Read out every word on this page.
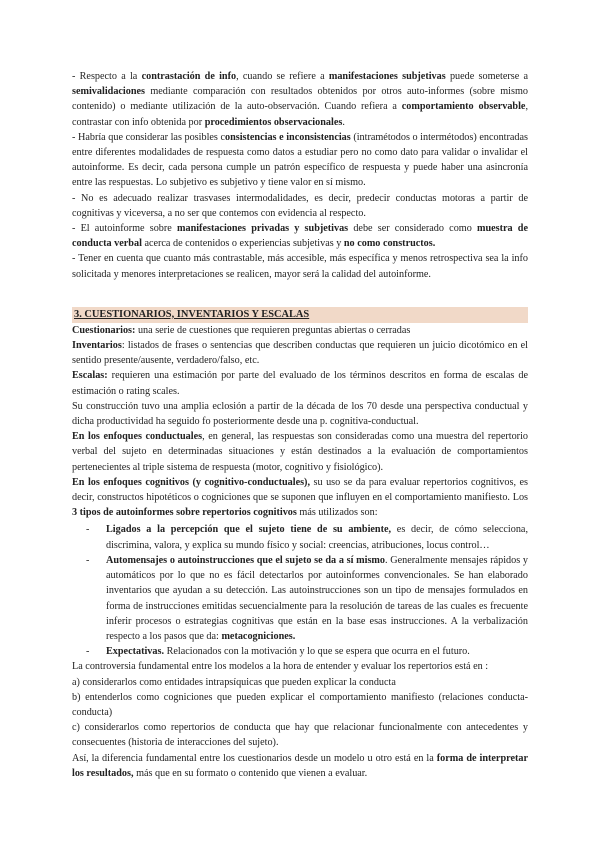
- Respecto a la contrastación de info, cuando se refiere a manifestaciones subjetivas puede someterse a semivalidaciones mediante comparación con resultados obtenidos por otros auto-informes (sobre mismo contenido) o mediante utilización de la auto-observación. Cuando refiera a comportamiento observable, contrastar con info obtenida por procedimientos observacionales.

- Habría que considerar las posibles consistencias e inconsistencias (intramétodos o intermétodos) encontradas entre diferentes modalidades de respuesta como datos a estudiar pero no como dato para validar o invalidar el autoinforme. Es decir, cada persona cumple un patrón específico de respuesta y puede haber una asincronía entre las respuestas. Lo subjetivo es subjetivo y tiene valor en sí mismo.

- No es adecuado realizar trasvases intermodalidades, es decir, predecir conductas motoras a partir de cognitivas y viceversa, a no ser que contemos con evidencia al respecto.

- El autoinforme sobre manifestaciones privadas y subjetivas debe ser considerado como muestra de conducta verbal acerca de contenidos o experiencias subjetivas y no como constructos.

- Tener en cuenta que cuanto más contrastable, más accesible, más específica y menos retrospectiva sea la info solicitada y menores interpretaciones se realicen, mayor será la calidad del autoinforme.

3. CUESTIONARIOS, INVENTARIOS Y ESCALAS

Cuestionarios: una serie de cuestiones que requieren preguntas abiertas o cerradas

Inventarios: listados de frases o sentencias que describen conductas que requieren un juicio dicotómico en el sentido presente/ausente, verdadero/falso, etc.

Escalas: requieren una estimación por parte del evaluado de los términos descritos en forma de escalas de estimación o rating scales.

Su construcción tuvo una amplia eclosión a partir de la década de los 70 desde una perspectiva conductual y dicha productividad ha seguido fo posteriormente desde una p. cognitiva-conductual.

En los enfoques conductuales, en general, las respuestas son consideradas como una muestra del repertorio verbal del sujeto en determinadas situaciones y están destinados a la evaluación de comportamientos pertenecientes al triple sistema de respuesta (motor, cognitivo y fisiológico).

En los enfoques cognitivos (y cognitivo-conductuales), su uso se da para evaluar repertorios cognitivos, es decir, constructos hipotéticos o cogniciones que se suponen que influyen en el comportamiento manifiesto. Los 3 tipos de autoinformes sobre repertorios cognitivos más utilizados son:

- Ligados a la percepción que el sujeto tiene de su ambiente, es decir, de cómo selecciona, discrimina, valora, y explica su mundo físico y social: creencias, atribuciones, locus control…
- Automensajes o autoinstrucciones que el sujeto se da a sí mismo. Generalmente mensajes rápidos y automáticos por lo que no es fácil detectarlos por autoinformes convencionales. Se han elaborado inventarios que ayudan a su detección. Las autoinstrucciones son un tipo de mensajes formulados en forma de instrucciones emitidas secuencialmente para la resolución de tareas de las cuales es frecuente inferir procesos o estrategias cognitivas que están en la base esas instrucciones. A la verbalización respecto a los pasos que da: metacogniciones.
- Expectativas. Relacionados con la motivación y lo que se espera que ocurra en el futuro.

La controversia fundamental entre los modelos a la hora de entender y evaluar los repertorios está en :

a) considerarlos como entidades intrapsíquicas que pueden explicar la conducta

b) entenderlos como cogniciones que pueden explicar el comportamiento manifiesto (relaciones conducta- conducta)

c) considerarlos como repertorios de conducta que hay que relacionar funcionalmente con antecedentes y consecuentes (historia de interacciones del sujeto).

Así, la diferencia fundamental entre los cuestionarios desde un modelo u otro está en la forma de interpretar los resultados, más que en su formato o contenido que vienen a evaluar.
